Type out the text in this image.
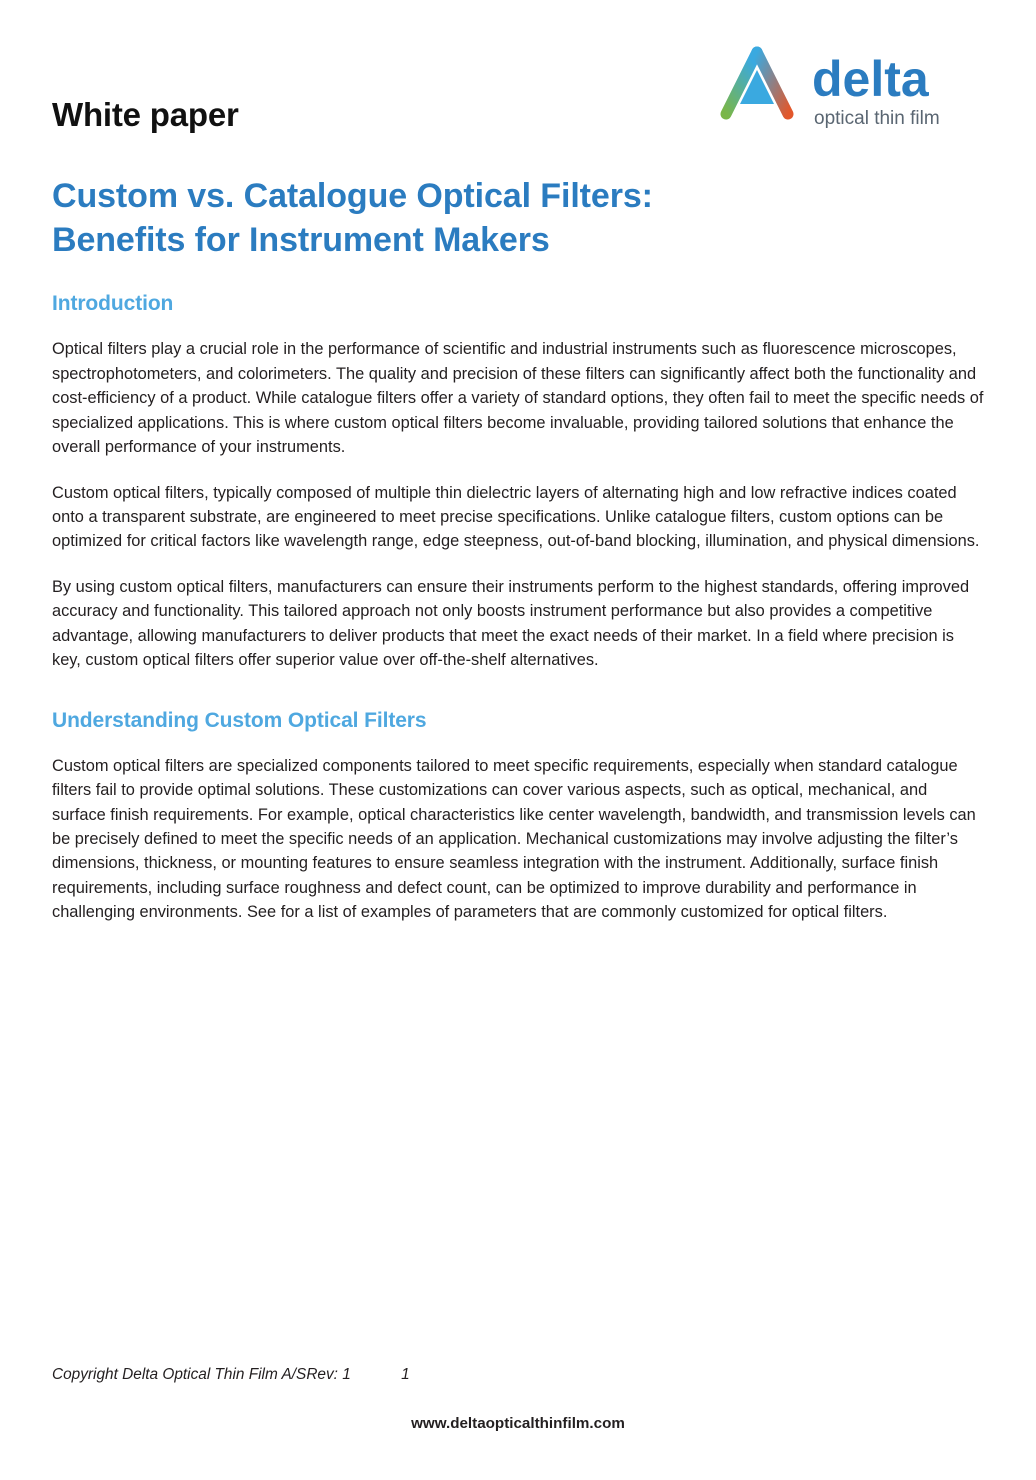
White paper
delta
optical thin film
Custom vs. Catalogue Optical Filters:
Benefits for Instrument Makers
Introduction

Optical filters play a crucial role in the performance of scientific and industrial instruments such as fluorescence microscopes, spectrophotometers, and colorimeters. The quality and precision of these filters can significantly affect both the functionality and cost-efficiency of a product. While catalogue filters offer a variety of standard options, they often fail to meet the specific needs of specialized applications. This is where custom optical filters become invaluable, providing tailored solutions that enhance the overall performance of your instruments.

Custom optical filters, typically composed of multiple thin dielectric layers of alternating high and low refractive indices coated onto a transparent substrate, are engineered to meet precise specifications. Unlike catalogue filters, custom options can be optimized for critical factors like wavelength range, edge steepness, out-of-band blocking, illumination, and physical dimensions.

By using custom optical filters, manufacturers can ensure their instruments perform to the highest standards, offering improved accuracy and functionality. This tailored approach not only boosts instrument performance but also provides a competitive advantage, allowing manufacturers to deliver products that meet the exact needs of their market. In a field where precision is key, custom optical filters offer superior value over off-the-shelf alternatives.

Understanding Custom Optical Filters

Custom optical filters are specialized components tailored to meet specific requirements, especially when standard catalogue filters fail to provide optimal solutions. These customizations can cover various aspects, such as optical, mechanical, and surface finish requirements. For example, optical characteristics like center wavelength, bandwidth, and transmission levels can be precisely defined to meet the specific needs of an application. Mechanical customizations may involve adjusting the filter’s dimensions, thickness, or mounting features to ensure seamless integration with the instrument. Additionally, surface finish requirements, including surface roughness and defect count, can be optimized to improve durability and performance in challenging environments. See for a list of examples of parameters that are commonly customized for optical filters.

Copyright Delta Optical Thin Film A/SRev: 1	1
www.deltaopticalthinfilm.com
